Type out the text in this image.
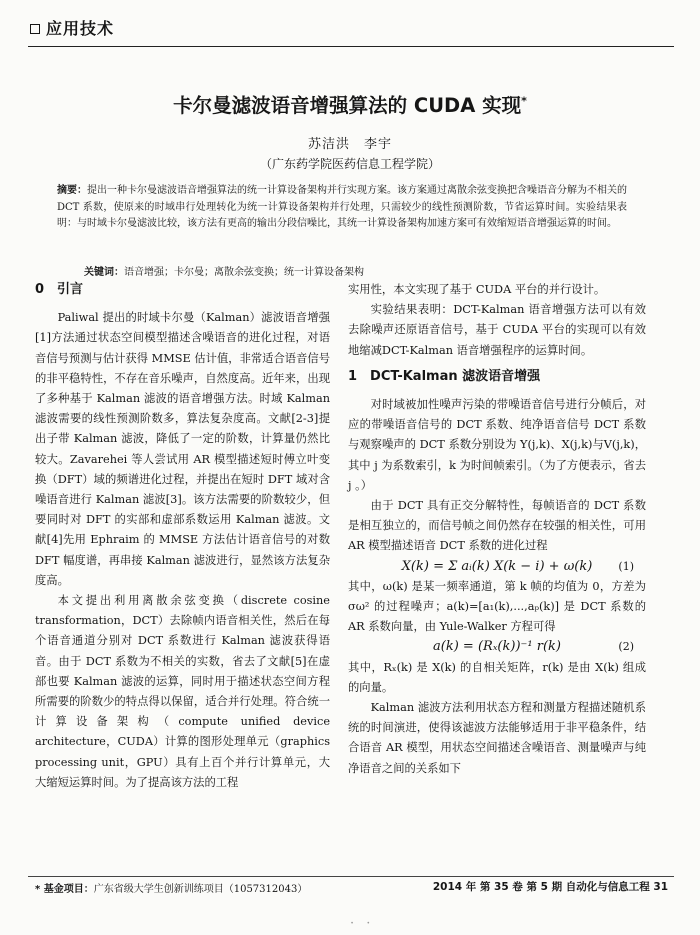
应用技术
卡尔曼滤波语音增强算法的 CUDA 实现*
苏洁洪　李宇
（广东药学院医药信息工程学院）
摘要：提出一种卡尔曼滤波语音增强算法的统一计算设备架构并行实现方案。该方案通过离散余弦变换把含噪语音分解为不相关的 DCT 系数，使原来的时域串行处理转化为统一计算设备架构并行处理，只需较少的线性预测阶数，节省运算时间。实验结果表明：与时域卡尔曼滤波比较，该方法有更高的输出分段信噪比，其统一计算设备架构加速方案可有效缩短语音增强运算的时间。
关键词：语音增强；卡尔曼；离散余弦变换；统一计算设备架构

0　引言

Paliwal 提出的时域卡尔曼（Kalman）滤波语音增强[1]方法通过状态空间模型描述含噪语音的进化过程，对语音信号预测与估计获得 MMSE 估计值，非常适合语音信号的非平稳特性，不存在音乐噪声，自然度高。近年来，出现了多种基于 Kalman 滤波的语音增强方法。时域 Kalman 滤波需要的线性预测阶数多，算法复杂度高。文献[2-3]提出子带 Kalman 滤波，降低了一定的阶数，计算量仍然比较大。Zavarehei 等人尝试用 AR 模型描述短时傅立叶变换（DFT）域的频谱进化过程，并提出在短时 DFT 域对含噪语音进行 Kalman 滤波[3]。该方法需要的阶数较少，但要同时对 DFT 的实部和虚部系数运用 Kalman 滤波。文献[4]先用 Ephraim 的 MMSE 方法估计语音信号的对数 DFT 幅度谱，再串接 Kalman 滤波进行，显然该方法复杂度高。

本文提出利用离散余弦变换（discrete cosine transformation，DCT）去除帧内语音相关性，然后在每个语音通道分别对 DCT 系数进行 Kalman 滤波获得语音。由于 DCT 系数为不相关的实数，省去了文献[5]在虚部也要 Kalman 滤波的运算，同时用于描述状态空间方程所需要的阶数少的特点得以保留，适合并行处理。符合统一计算设备架构（compute unified device architecture，CUDA）计算的图形处理单元（graphics processing unit，GPU）具有上百个并行计算单元，大大缩短运算时间。为了提高该方法的工程

实用性，本文实现了基于 CUDA 平台的并行设计。

实验结果表明：DCT-Kalman 语音增强方法可以有效去除噪声还原语音信号，基于 CUDA 平台的实现可以有效地缩减DCT-Kalman 语音增强程序的运算时间。

1　DCT-Kalman 滤波语音增强

对时域被加性噪声污染的带噪语音信号进行分帧后，对应的带噪语音信号的 DCT 系数、纯净语音信号 DCT 系数与观察噪声的 DCT 系数分别设为 Y(j,k)、X(j,k)与V(j,k)，其中 j 为系数索引，k 为时间帧索引。（为了方便表示，省去 j 。）

由于 DCT 具有正交分解特性，每帧语音的 DCT 系数是相互独立的，而信号帧之间仍然存在较强的相关性，可用 AR 模型描述语音 DCT 系数的进化过程

X(k) = Σ aᵢ(k) X(k − i) + ω(k) (1)

其中，ω(k) 是某一频率通道，第 k 帧的均值为 0，方差为 σω² 的过程噪声；a(k)=[a₁(k),...,aₚ(k)] 是 DCT 系数的 AR 系数向量，由 Yule-Walker 方程可得

a(k) = (Rₓ(k))⁻¹ r(k)	(2)

其中，Rₓ(k) 是 X(k) 的自相关矩阵，r(k) 是由 X(k) 组成的向量。

Kalman 滤波方法利用状态方程和测量方程描述随机系统的时间演进，使得该滤波方法能够适用于非平稳条件，结合语音 AR 模型，用状态空间描述含噪语音、测量噪声与纯净语音之间的关系如下

* 基金项目：广东省级大学生创新训练项目（1057312043）	2014 年 第 35 卷 第 5 期 自动化与信息工程 31
· ·
